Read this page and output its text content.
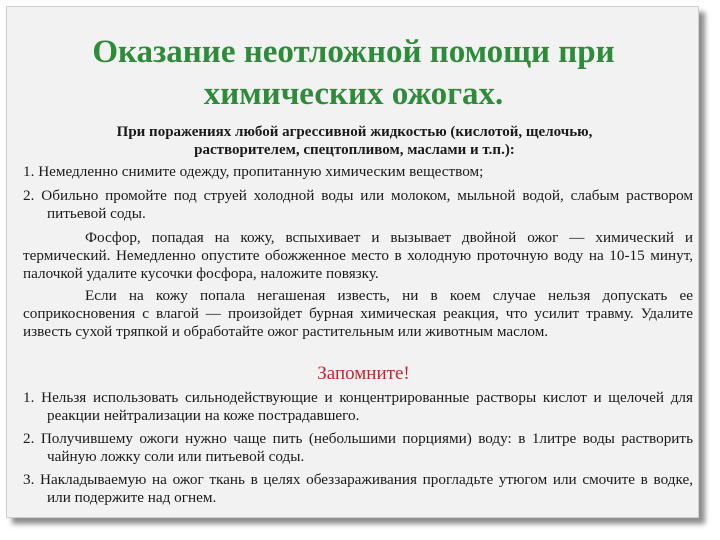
Оказание неотложной помощи при
химических ожогах.

При поражениях любой агрессивной жидкостью (кислотой, щелочью,
растворителем, спецтопливом, маслами и т.п.):

1. Немедленно снимите одежду, пропитанную химическим веществом;

2. Обильно промойте под струей холодной воды или молоком, мыльной водой, слабым раствором питьевой соды.

Фосфор, попадая на кожу, вспыхивает и вызывает двойной ожог — химический и термический. Немедленно опустите обожженное место в холодную проточную воду на 10-15 минут, палочкой удалите кусочки фосфора, наложите повязку.

Если на кожу попала негашеная известь, ни в коем случае нельзя допускать ее соприкосновения с влагой — произойдет бурная химическая реакция, что усилит травму. Удалите известь сухой тряпкой и обработайте ожог растительным или животным маслом.

Запомните!

1. Нельзя использовать сильнодействующие и концентрированные растворы кислот и щелочей для реакции нейтрализации на коже пострадавшего.

2. Получившему ожоги нужно чаще пить (небольшими порциями) воду: в 1литре воды растворить чайную ложку соли или питьевой соды.

3. Накладываемую на ожог ткань в целях обеззараживания прогладьте утюгом или смочите в водке, или подержите над огнем.
